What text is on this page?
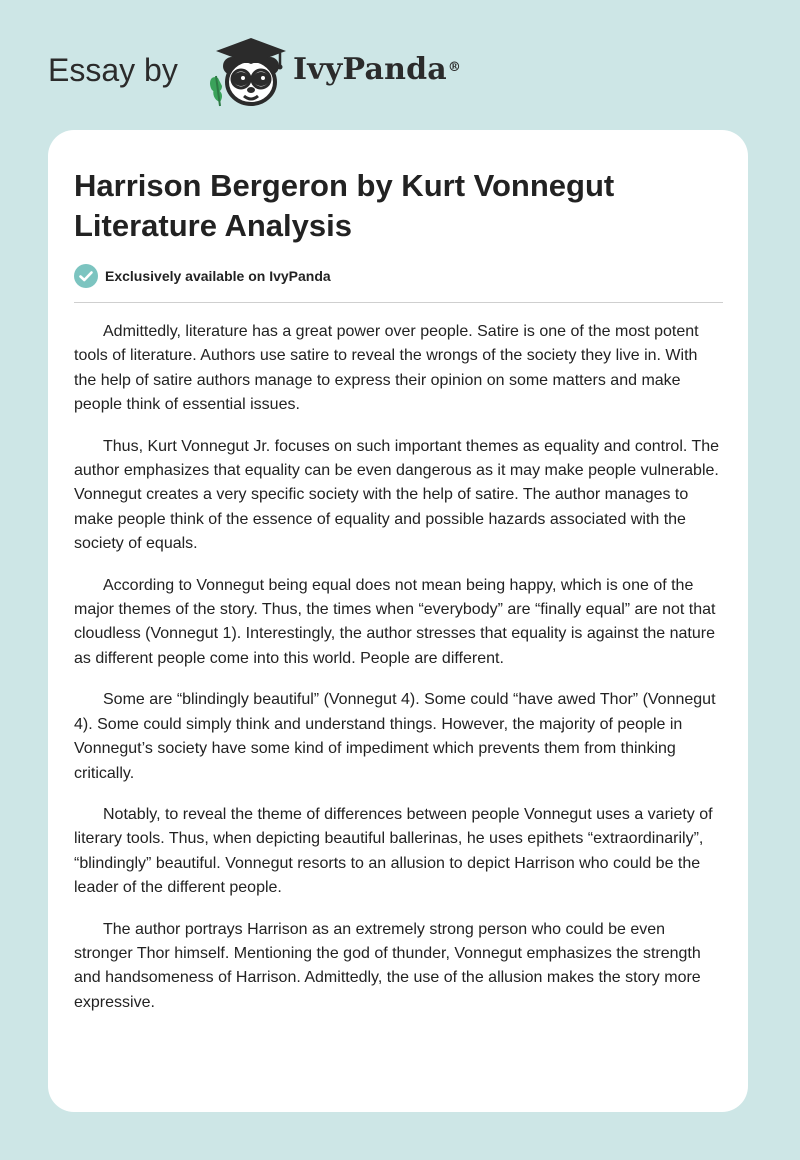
Essay by	IvyPanda®
Harrison Bergeron by Kurt Vonnegut Literature Analysis
Exclusively available on IvyPanda

Admittedly, literature has a great power over people. Satire is one of the most potent tools of literature. Authors use satire to reveal the wrongs of the society they live in. With the help of satire authors manage to express their opinion on some matters and make people think of essential issues.

Thus, Kurt Vonnegut Jr. focuses on such important themes as equality and control. The author emphasizes that equality can be even dangerous as it may make people vulnerable. Vonnegut creates a very specific society with the help of satire. The author manages to make people think of the essence of equality and possible hazards associated with the society of equals.

According to Vonnegut being equal does not mean being happy, which is one of the major themes of the story. Thus, the times when “everybody” are “finally equal” are not that cloudless (Vonnegut 1). Interestingly, the author stresses that equality is against the nature as different people come into this world. People are different.

Some are “blindingly beautiful” (Vonnegut 4). Some could “have awed Thor” (Vonnegut 4). Some could simply think and understand things. However, the majority of people in Vonnegut’s society have some kind of impediment which prevents them from thinking critically.

Notably, to reveal the theme of differences between people Vonnegut uses a variety of literary tools. Thus, when depicting beautiful ballerinas, he uses epithets “extraordinarily”, “blindingly” beautiful. Vonnegut resorts to an allusion to depict Harrison who could be the leader of the different people.

The author portrays Harrison as an extremely strong person who could be even stronger Thor himself. Mentioning the god of thunder, Vonnegut emphasizes the strength and handsomeness of Harrison. Admittedly, the use of the allusion makes the story more expressive.
